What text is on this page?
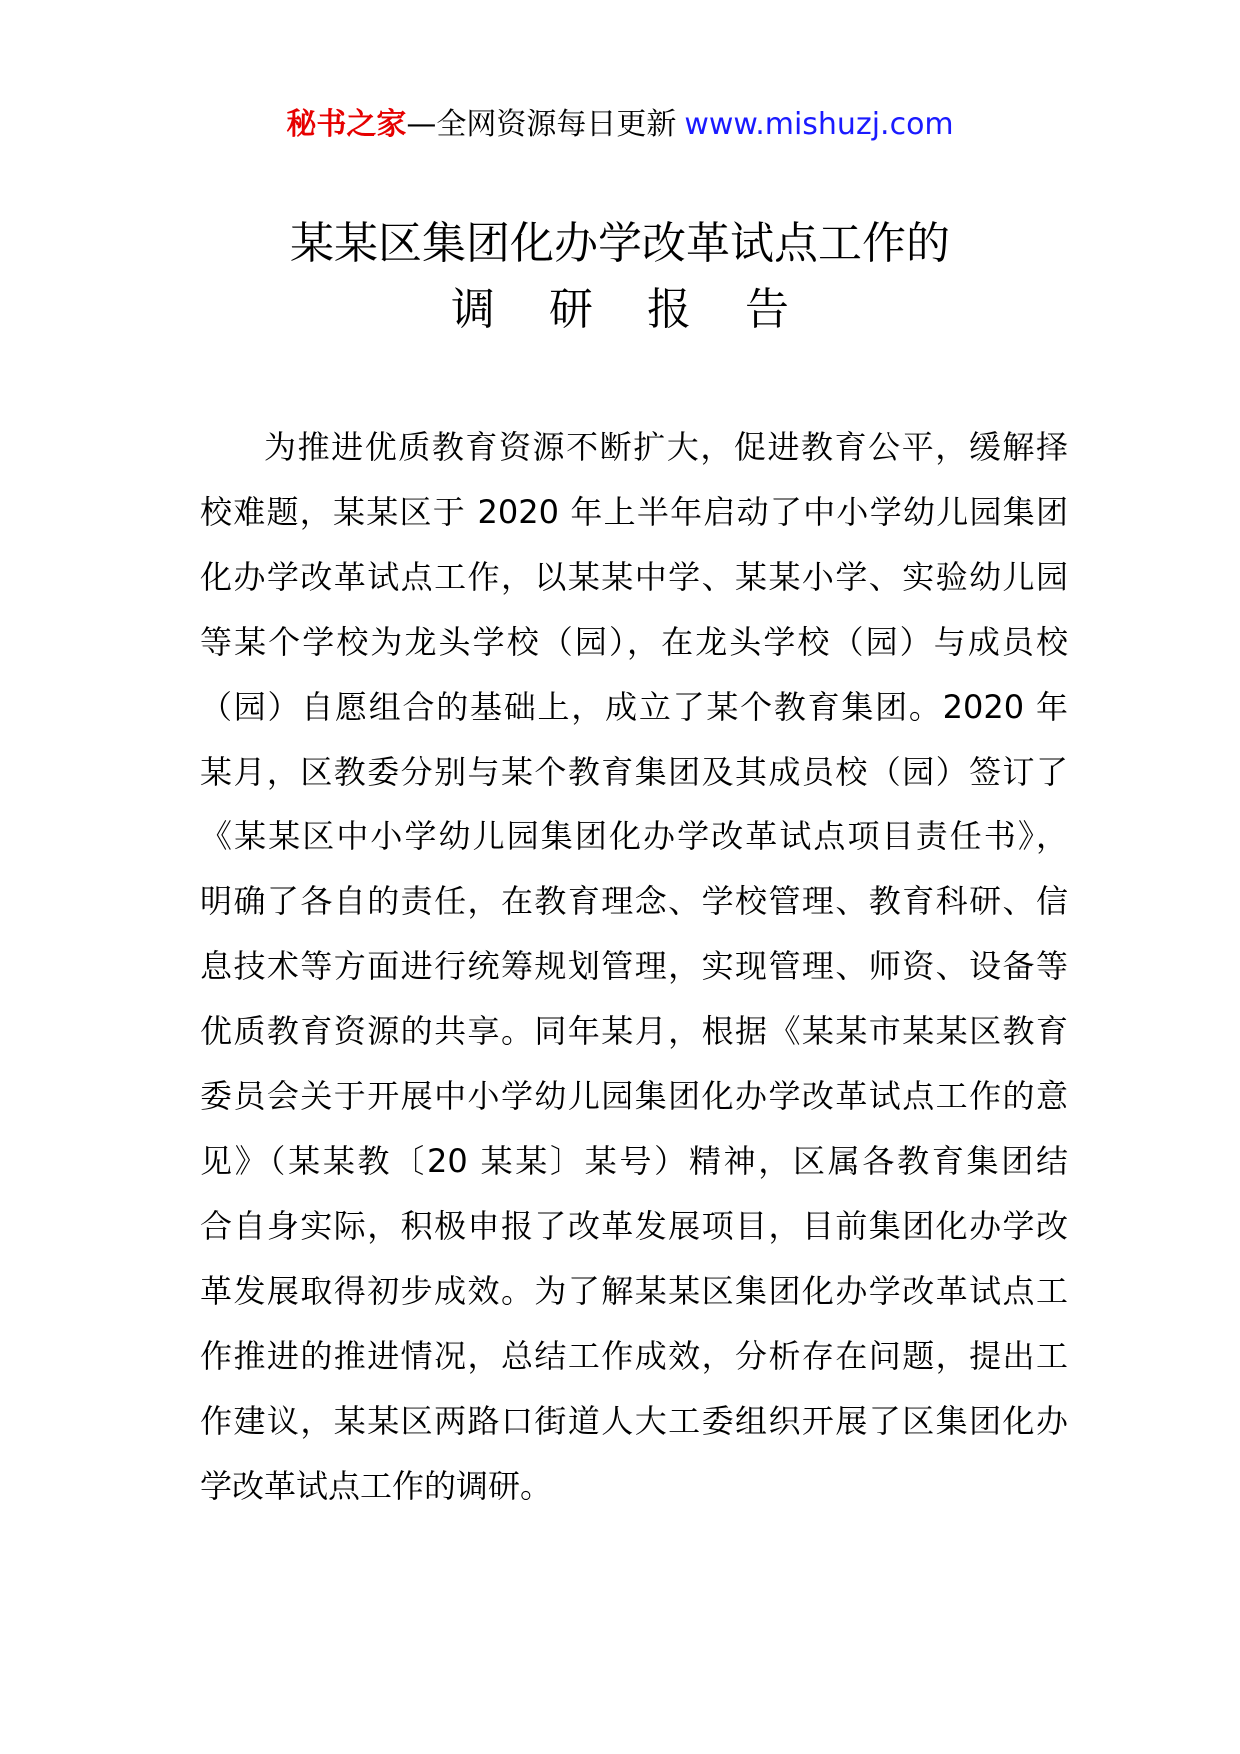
秘书之家—全网资源每日更新 www.mishuzj.com
某某区集团化办学改革试点工作的
调研报告

为推进优质教育资源不断扩大，促进教育公平，缓解择
校难题，某某区于 2020 年上半年启动了中小学幼儿园集团
化办学改革试点工作，以某某中学、某某小学、实验幼儿园
等某个学校为龙头学校（园），在龙头学校（园）与成员校
（园）自愿组合的基础上，成立了某个教育集团。2020 年
某月，区教委分别与某个教育集团及其成员校（园）签订了
《某某区中小学幼儿园集团化办学改革试点项目责任书》，
明确了各自的责任，在教育理念、学校管理、教育科研、信
息技术等方面进行统筹规划管理，实现管理、师资、设备等
优质教育资源的共享。同年某月，根据《某某市某某区教育
委员会关于开展中小学幼儿园集团化办学改革试点工作的意
见》（某某教〔20 某某〕某号）精神，区属各教育集团结
合自身实际，积极申报了改革发展项目，目前集团化办学改
革发展取得初步成效。为了解某某区集团化办学改革试点工
作推进的推进情况，总结工作成效，分析存在问题，提出工
作建议，某某区两路口街道人大工委组织开展了区集团化办
学改革试点工作的调研。
